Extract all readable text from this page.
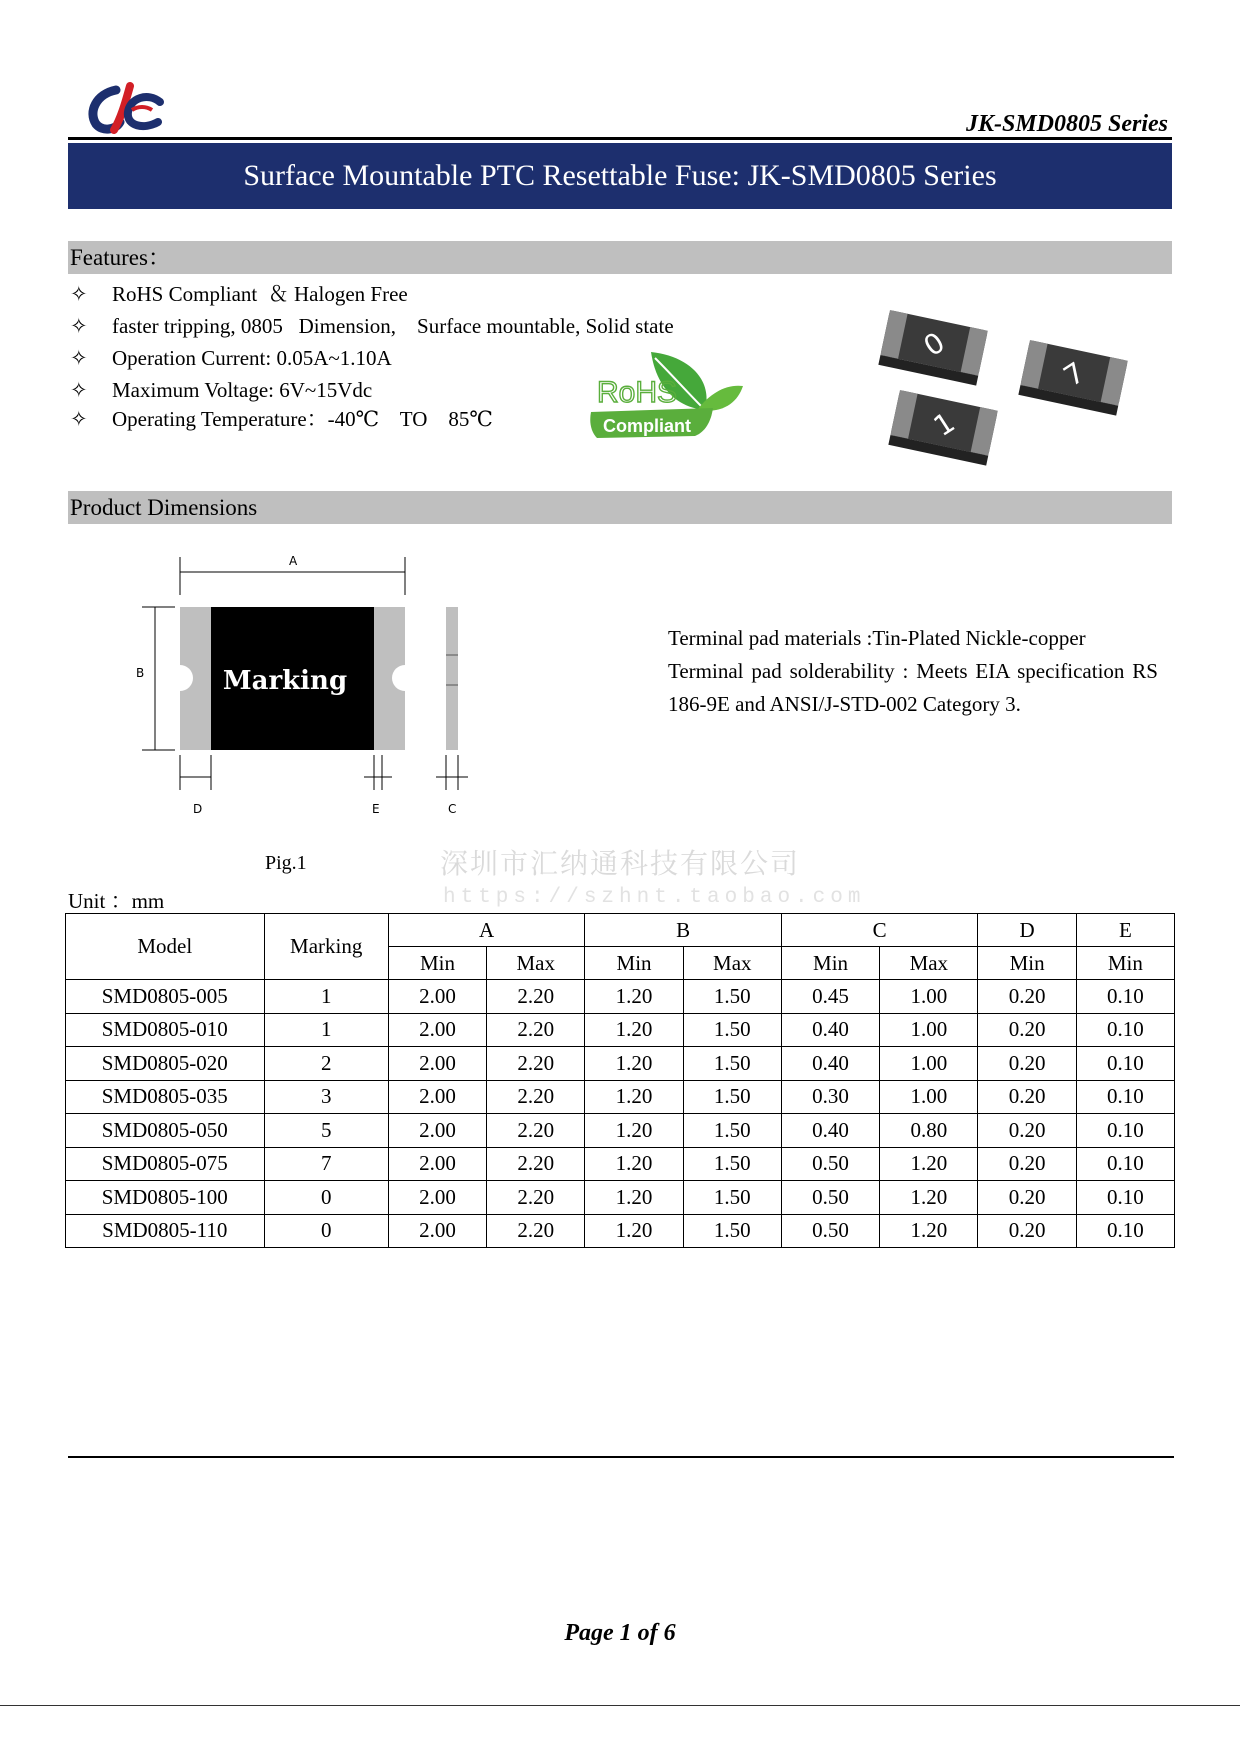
JK-SMD0805 Series
Surface Mountable PTC Resettable Fuse: JK-SMD0805 Series
Features：
✧	RoHS Compliant  ＆ Halogen Free
✧	faster tripping, 0805   Dimension,    Surface mountable, Solid state
✧	Operation Current: 0.05A~1.10A
✧	Maximum Voltage: 6V~15Vdc
✧	Operating Temperature：-40℃    TO    85℃
RoHS
Compliant
0
7
1
Product Dimensions
A
B	Marking
D	E	C
Terminal pad materials :Tin-Plated Nickle-copper
Terminal pad solderability : Meets EIA specification RS 186-9E and ANSI/J-STD-002 Category 3.
Pig.1	深圳市汇纳通科技有限公司
https://szhnt.taobao.com
Unit ：mm
Model	Marking	A		B		C		D	E
		Min	Max	Min	Max	Min	Max	Min	Min
SMD0805-005	1	2.00	2.20	1.20	1.50	0.45	1.00	0.20	0.10
SMD0805-010	1	2.00	2.20	1.20	1.50	0.40	1.00	0.20	0.10
SMD0805-020	2	2.00	2.20	1.20	1.50	0.40	1.00	0.20	0.10
SMD0805-035	3	2.00	2.20	1.20	1.50	0.30	1.00	0.20	0.10
SMD0805-050	5	2.00	2.20	1.20	1.50	0.40	0.80	0.20	0.10
SMD0805-075	7	2.00	2.20	1.20	1.50	0.50	1.20	0.20	0.10
SMD0805-100	0	2.00	2.20	1.20	1.50	0.50	1.20	0.20	0.10
SMD0805-110	0	2.00	2.20	1.20	1.50	0.50	1.20	0.20	0.10
Page 1 of 6
